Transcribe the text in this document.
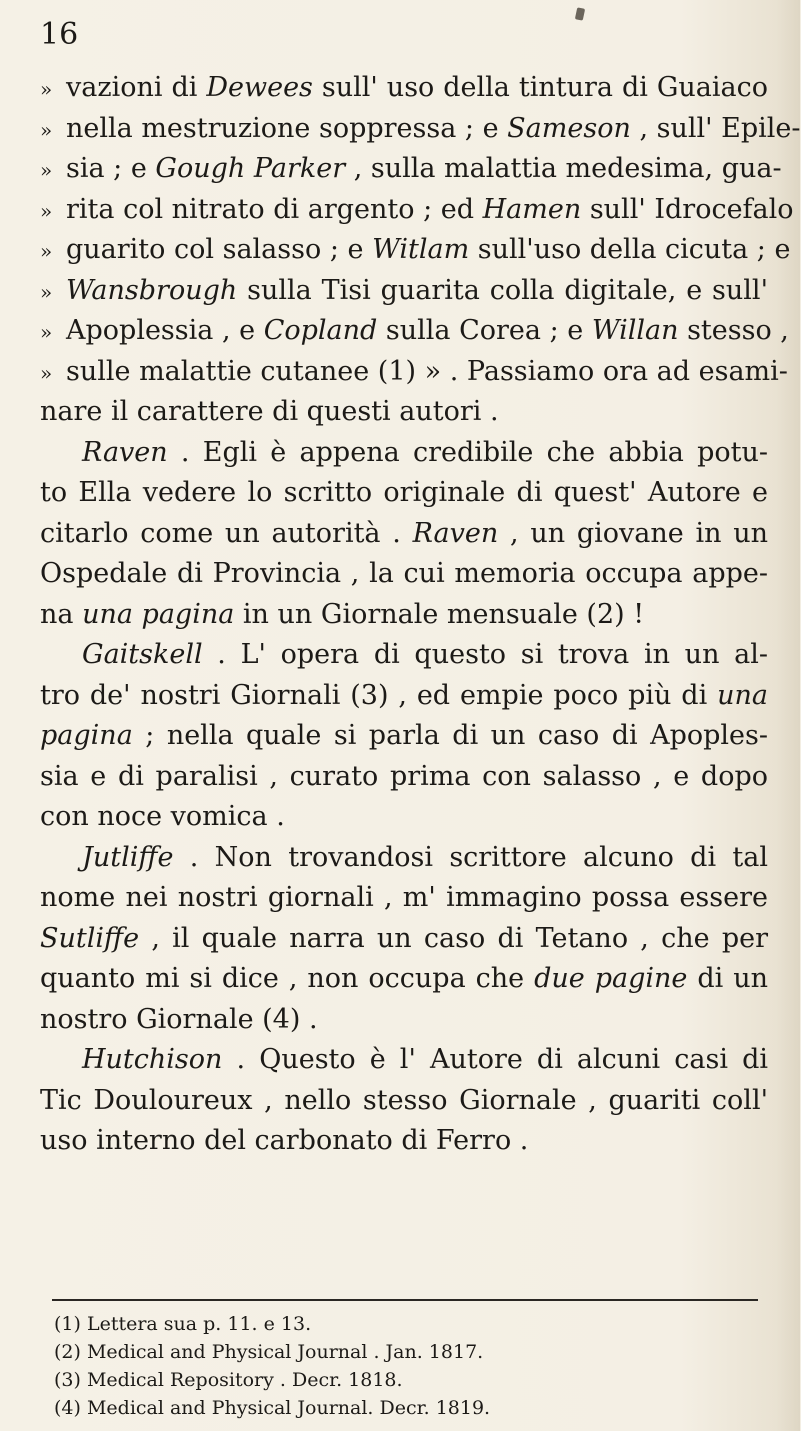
16
» vazioni di Dewees sull' uso della tintura di Guaiaco
» nella mestruzione soppressa ; e Sameson , sull' Epile-
» sia ; e Gough Parker , sulla malattia medesima, gua-
» rita col nitrato di argento ; ed Hamen sull' Idrocefalo
» guarito col salasso ; e Witlam sull'uso della cicuta ; e
» Wansbrough sulla Tisi guarita colla digitale, e sull'
» Apoplessia , e Copland sulla Corea ; e Willan stesso ,
» sulle malattie cutanee (1) » . Passiamo ora ad esami-
nare il carattere di questi autori .
Raven . Egli è appena credibile che abbia potu-
to Ella vedere lo scritto originale di quest' Autore e
citarlo come un autorità . Raven , un giovane in un
Ospedale di Provincia , la cui memoria occupa appe-
na una pagina in un Giornale mensuale (2) !
Gaitskell . L' opera di questo si trova in un al-
tro de' nostri Giornali (3) , ed empie poco più di una
pagina ; nella quale si parla di un caso di Apoples-
sia e di paralisi , curato prima con salasso , e dopo
con noce vomica .
Jutliffe . Non trovandosi scrittore alcuno di tal
nome nei nostri giornali , m' immagino possa essere
Sutliffe , il quale narra un caso di Tetano , che per
quanto mi si dice , non occupa che due pagine di un
nostro Giornale (4) .
Hutchison . Questo è l' Autore di alcuni casi di
Tic Douloureux , nello stesso Giornale , guariti coll'
uso interno del carbonato di Ferro .
(1) Lettera sua p. 11. e 13.
(2) Medical and Physical Journal . Jan. 1817.
(3) Medical Repository . Decr. 1818.
(4) Medical and Physical Journal. Decr. 1819.
